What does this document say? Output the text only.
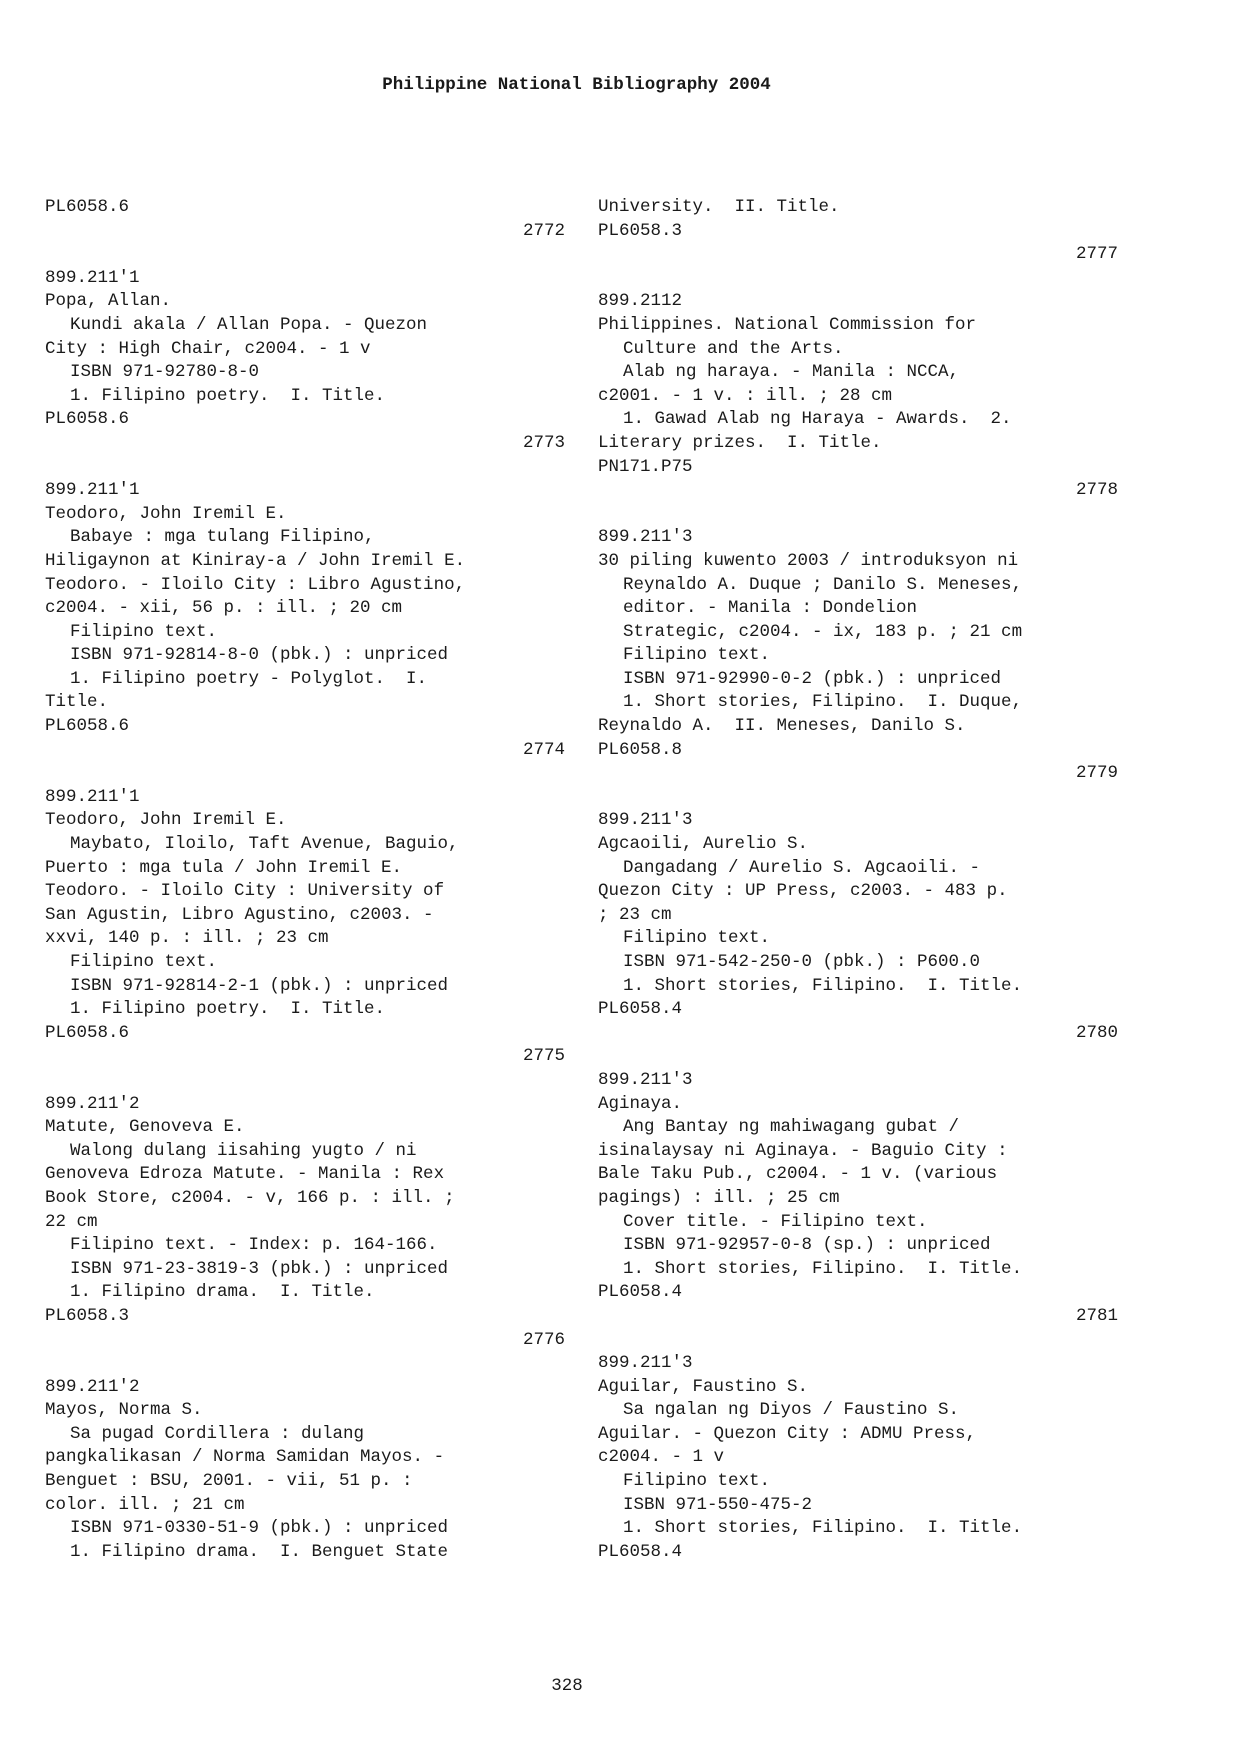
Philippine National Bibliography 2004
PL6058.6
2772
899.211'1
Popa, Allan.
Kundi akala / Allan Popa. - Quezon
City : High Chair, c2004. - 1 v
ISBN 971-92780-8-0
1. Filipino poetry.  I. Title.
PL6058.6
2773
899.211'1
Teodoro, John Iremil E.
Babaye : mga tulang Filipino,
Hiligaynon at Kiniray-a / John Iremil E.
Teodoro. - Iloilo City : Libro Agustino,
c2004. - xii, 56 p. : ill. ; 20 cm
Filipino text.
ISBN 971-92814-8-0 (pbk.) : unpriced
1. Filipino poetry - Polyglot.  I.
Title.
PL6058.6
2774
899.211'1
Teodoro, John Iremil E.
Maybato, Iloilo, Taft Avenue, Baguio,
Puerto : mga tula / John Iremil E.
Teodoro. - Iloilo City : University of
San Agustin, Libro Agustino, c2003. -
xxvi, 140 p. : ill. ; 23 cm
Filipino text.
ISBN 971-92814-2-1 (pbk.) : unpriced
1. Filipino poetry.  I. Title.
PL6058.6
2775
899.211'2
Matute, Genoveva E.
Walong dulang iisahing yugto / ni
Genoveva Edroza Matute. - Manila : Rex
Book Store, c2004. - v, 166 p. : ill. ;
22 cm
Filipino text. - Index: p. 164-166.
ISBN 971-23-3819-3 (pbk.) : unpriced
1. Filipino drama.  I. Title.
PL6058.3
2776
899.211'2
Mayos, Norma S.
Sa pugad Cordillera : dulang
pangkalikasan / Norma Samidan Mayos. -
Benguet : BSU, 2001. - vii, 51 p. :
color. ill. ; 21 cm
ISBN 971-0330-51-9 (pbk.) : unpriced
1. Filipino drama.  I. Benguet State
University.  II. Title.
PL6058.3
2777
899.2112
Philippines. National Commission for
Culture and the Arts.
Alab ng haraya. - Manila : NCCA,
c2001. - 1 v. : ill. ; 28 cm
1. Gawad Alab ng Haraya - Awards.  2.
Literary prizes.  I. Title.
PN171.P75
2778
899.211'3
30 piling kuwento 2003 / introduksyon ni
Reynaldo A. Duque ; Danilo S. Meneses,
editor. - Manila : Dondelion
Strategic, c2004. - ix, 183 p. ; 21 cm
Filipino text.
ISBN 971-92990-0-2 (pbk.) : unpriced
1. Short stories, Filipino.  I. Duque,
Reynaldo A.  II. Meneses, Danilo S.
PL6058.8
2779
899.211'3
Agcaoili, Aurelio S.
Dangadang / Aurelio S. Agcaoili. -
Quezon City : UP Press, c2003. - 483 p.
; 23 cm
Filipino text.
ISBN 971-542-250-0 (pbk.) : P600.0
1. Short stories, Filipino.  I. Title.
PL6058.4
2780
899.211'3
Aginaya.
Ang Bantay ng mahiwagang gubat /
isinalaysay ni Aginaya. - Baguio City :
Bale Taku Pub., c2004. - 1 v. (various
pagings) : ill. ; 25 cm
Cover title. - Filipino text.
ISBN 971-92957-0-8 (sp.) : unpriced
1. Short stories, Filipino.  I. Title.
PL6058.4
2781
899.211'3
Aguilar, Faustino S.
Sa ngalan ng Diyos / Faustino S.
Aguilar. - Quezon City : ADMU Press,
c2004. - 1 v
Filipino text.
ISBN 971-550-475-2
1. Short stories, Filipino.  I. Title.
PL6058.4
328
